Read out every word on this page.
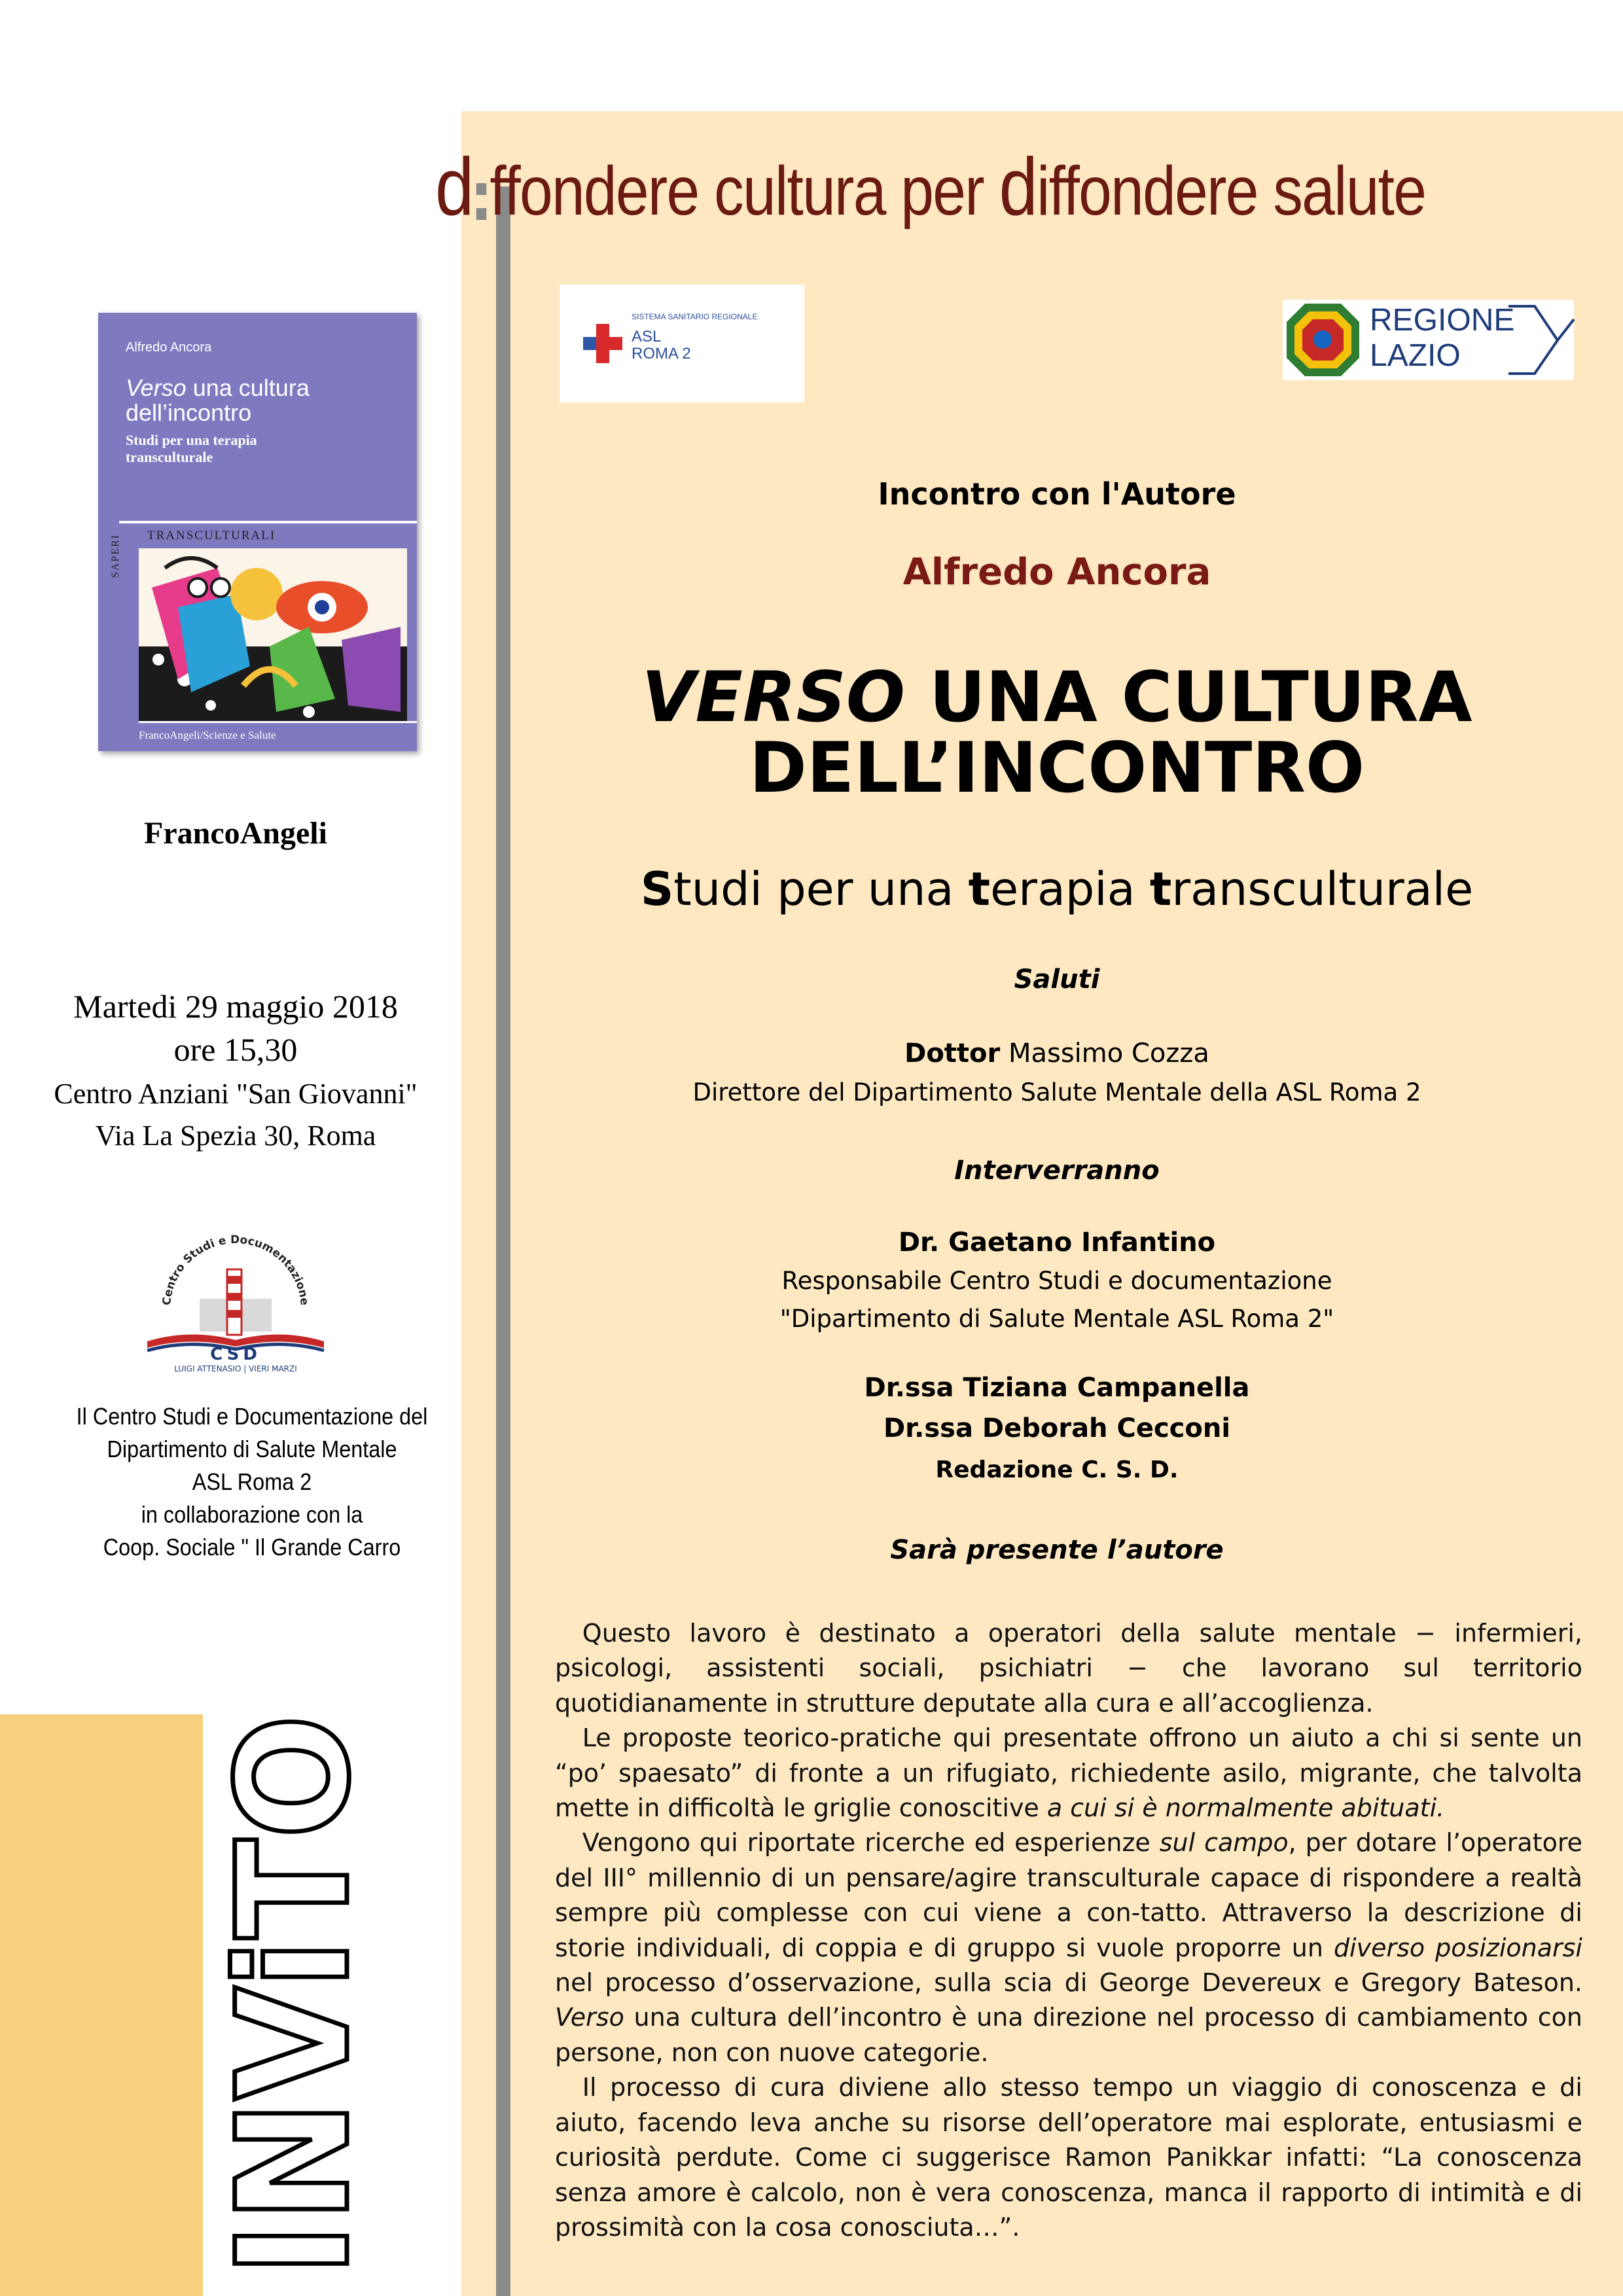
d ffondere cultura per diffondere salute
SISTEMA SANITARIO REGIONALE
ASL
ROMA 2
REGIONE
LAZIO
Alfredo Ancora
Verso una cultura
dell’incontro
Studi per una terapia
transculturale
TRANSCULTURALI
SAPERI
FrancoAngeli/Scienze e Salute
FrancoAngeli
Martedi 29 maggio 2018
ore 15,30
Centro Anziani "San Giovanni"
Via La Spezia 30, Roma
Centro Studi e Documentazione
CSD
LUIGI ATTENASIO | VIERI MARZI
Il Centro Studi e Documentazione del
Dipartimento di Salute Mentale
ASL Roma 2
in collaborazione con la
Coop. Sociale " Il Grande Carro
INViTO
Incontro con l'Autore
Alfredo Ancora
VERSO UNA CULTURA
DELL’INCONTRO
Studi per una terapia transculturale
Saluti
Dottor Massimo Cozza
Direttore del Dipartimento Salute Mentale della ASL Roma 2
Interverranno
Dr. Gaetano Infantino
Responsabile Centro Studi e documentazione
"Dipartimento di Salute Mentale ASL Roma 2"
Dr.ssa Tiziana Campanella
Dr.ssa Deborah Cecconi
Redazione C. S. D.
Sarà presente l’autore

Questo lavoro è destinato a operatori della salute mentale − infermieri, psicologi, assistenti sociali, psichiatri − che lavorano sul territorio quotidianamente in strutture deputate alla cura e all’accoglienza.

Le proposte teorico-pratiche qui presentate offrono un aiuto a chi si sente un “po’ spaesato” di fronte a un rifugiato, richiedente asilo, migrante, che talvolta mette in difficoltà le griglie conoscitive a cui si è normalmente abituati.

Vengono qui riportate ricerche ed esperienze sul campo, per dotare l’operatore del III° millennio di un pensare/agire transculturale capace di rispondere a realtà sempre più complesse con cui viene a con-tatto. Attraverso la descrizione di storie individuali, di coppia e di gruppo si vuole proporre un diverso posizionarsi nel processo d’osservazione, sulla scia di George Devereux e Gregory Bateson. Verso una cultura dell’incontro è una direzione nel processo di cambiamento con persone, non con nuove categorie.

Il processo di cura diviene allo stesso tempo un viaggio di conoscenza e di aiuto, facendo leva anche su risorse dell’operatore mai esplorate, entusiasmi e curiosità perdute. Come ci suggerisce Ramon Panikkar infatti: “La conoscenza senza amore è calcolo, non è vera conoscenza, manca il rapporto di intimità e di prossimità con la cosa conosciuta…”.
